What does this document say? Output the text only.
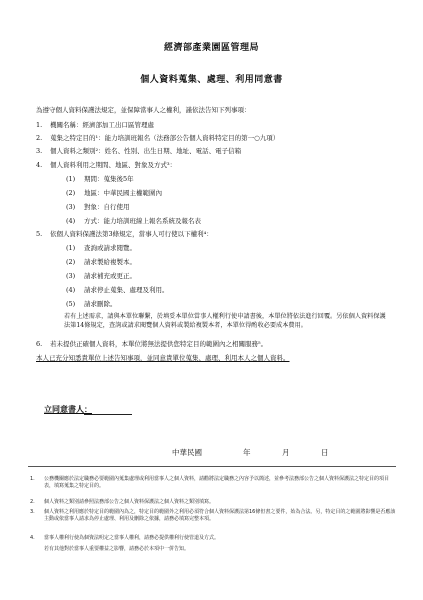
經濟部產業園區管理局
個人資料蒐集、處理、利用同意書
為遵守個人資料保護法規定，並保障當事人之權利，謹依法告知下列事項：
1. 機關名稱：經濟部加工出口區管理處
2. 蒐集之特定目的¹：能力培訓班報名（法務部公告個人資料特定目的第一○九項）
3. 個人資料之類別²：姓名、性別、出生日期、地址、電話、電子信箱
4. 個人資料利用之期間、地區、對象及方式³：
(1) 期間：蒐集後5年
(2) 地區：中華民國主權範圍內
(3) 對象：自行使用
(4) 方式：能力培訓班線上報名系統及報名表
5. 依個人資料保護法第3條規定，當事人可行使以下權利⁴：
(1) 查詢或請求閱覽。
(2) 請求製給複製本。
(3) 請求補充或更正。
(4) 請求停止蒐集、處理及利用。
(5) 請求刪除。
若有上述需求，請與本單位聯繫，於填妥本單位當事人權利行使申請書後，本單位將依法進行回覆。另依個人資料保護法第14條規定，查詢或請求閱覽個人資料或製給複製本者，本單位得酌收必要成本費用。
6. 若未提供正確個人資料，本單位將無法提供您特定目的範圍內之相關服務⁵。
本人已充分知悉貴單位上述告知事項，並同意貴單位蒐集、處理、利用本人之個人資料。
立同意書人：
中華民國	年	月	日
1. 公務機關應於法定職務必要範圍內蒐集處理或利用當事人之個人資料，請勸將法定職務之內容予以簡述，並參考法務部公告之個人資料保護法之特定目的項目表，填寫蒐集之特定目的。
2. 個人資料之類別請參照法務部公告之個人資料保護法之個人資料之類別填寫。
3. 個人資料之利用應於特定目的範圍內為之，特定目的範圍外之利用必須符合個人資料保護法第16條但書之要件，始為合法。另，特定目的之範圍將影響是否應該主動或依當事人請求為停止處理、利用及刪除之依據，請務必填寫完整本項。
4. 當事人權利行使為個資法明定之當事人權利，請務必提供權利行使管道及方式。
若有其他對於當事人重要權益之影響，請務必於本項中一併告知。
